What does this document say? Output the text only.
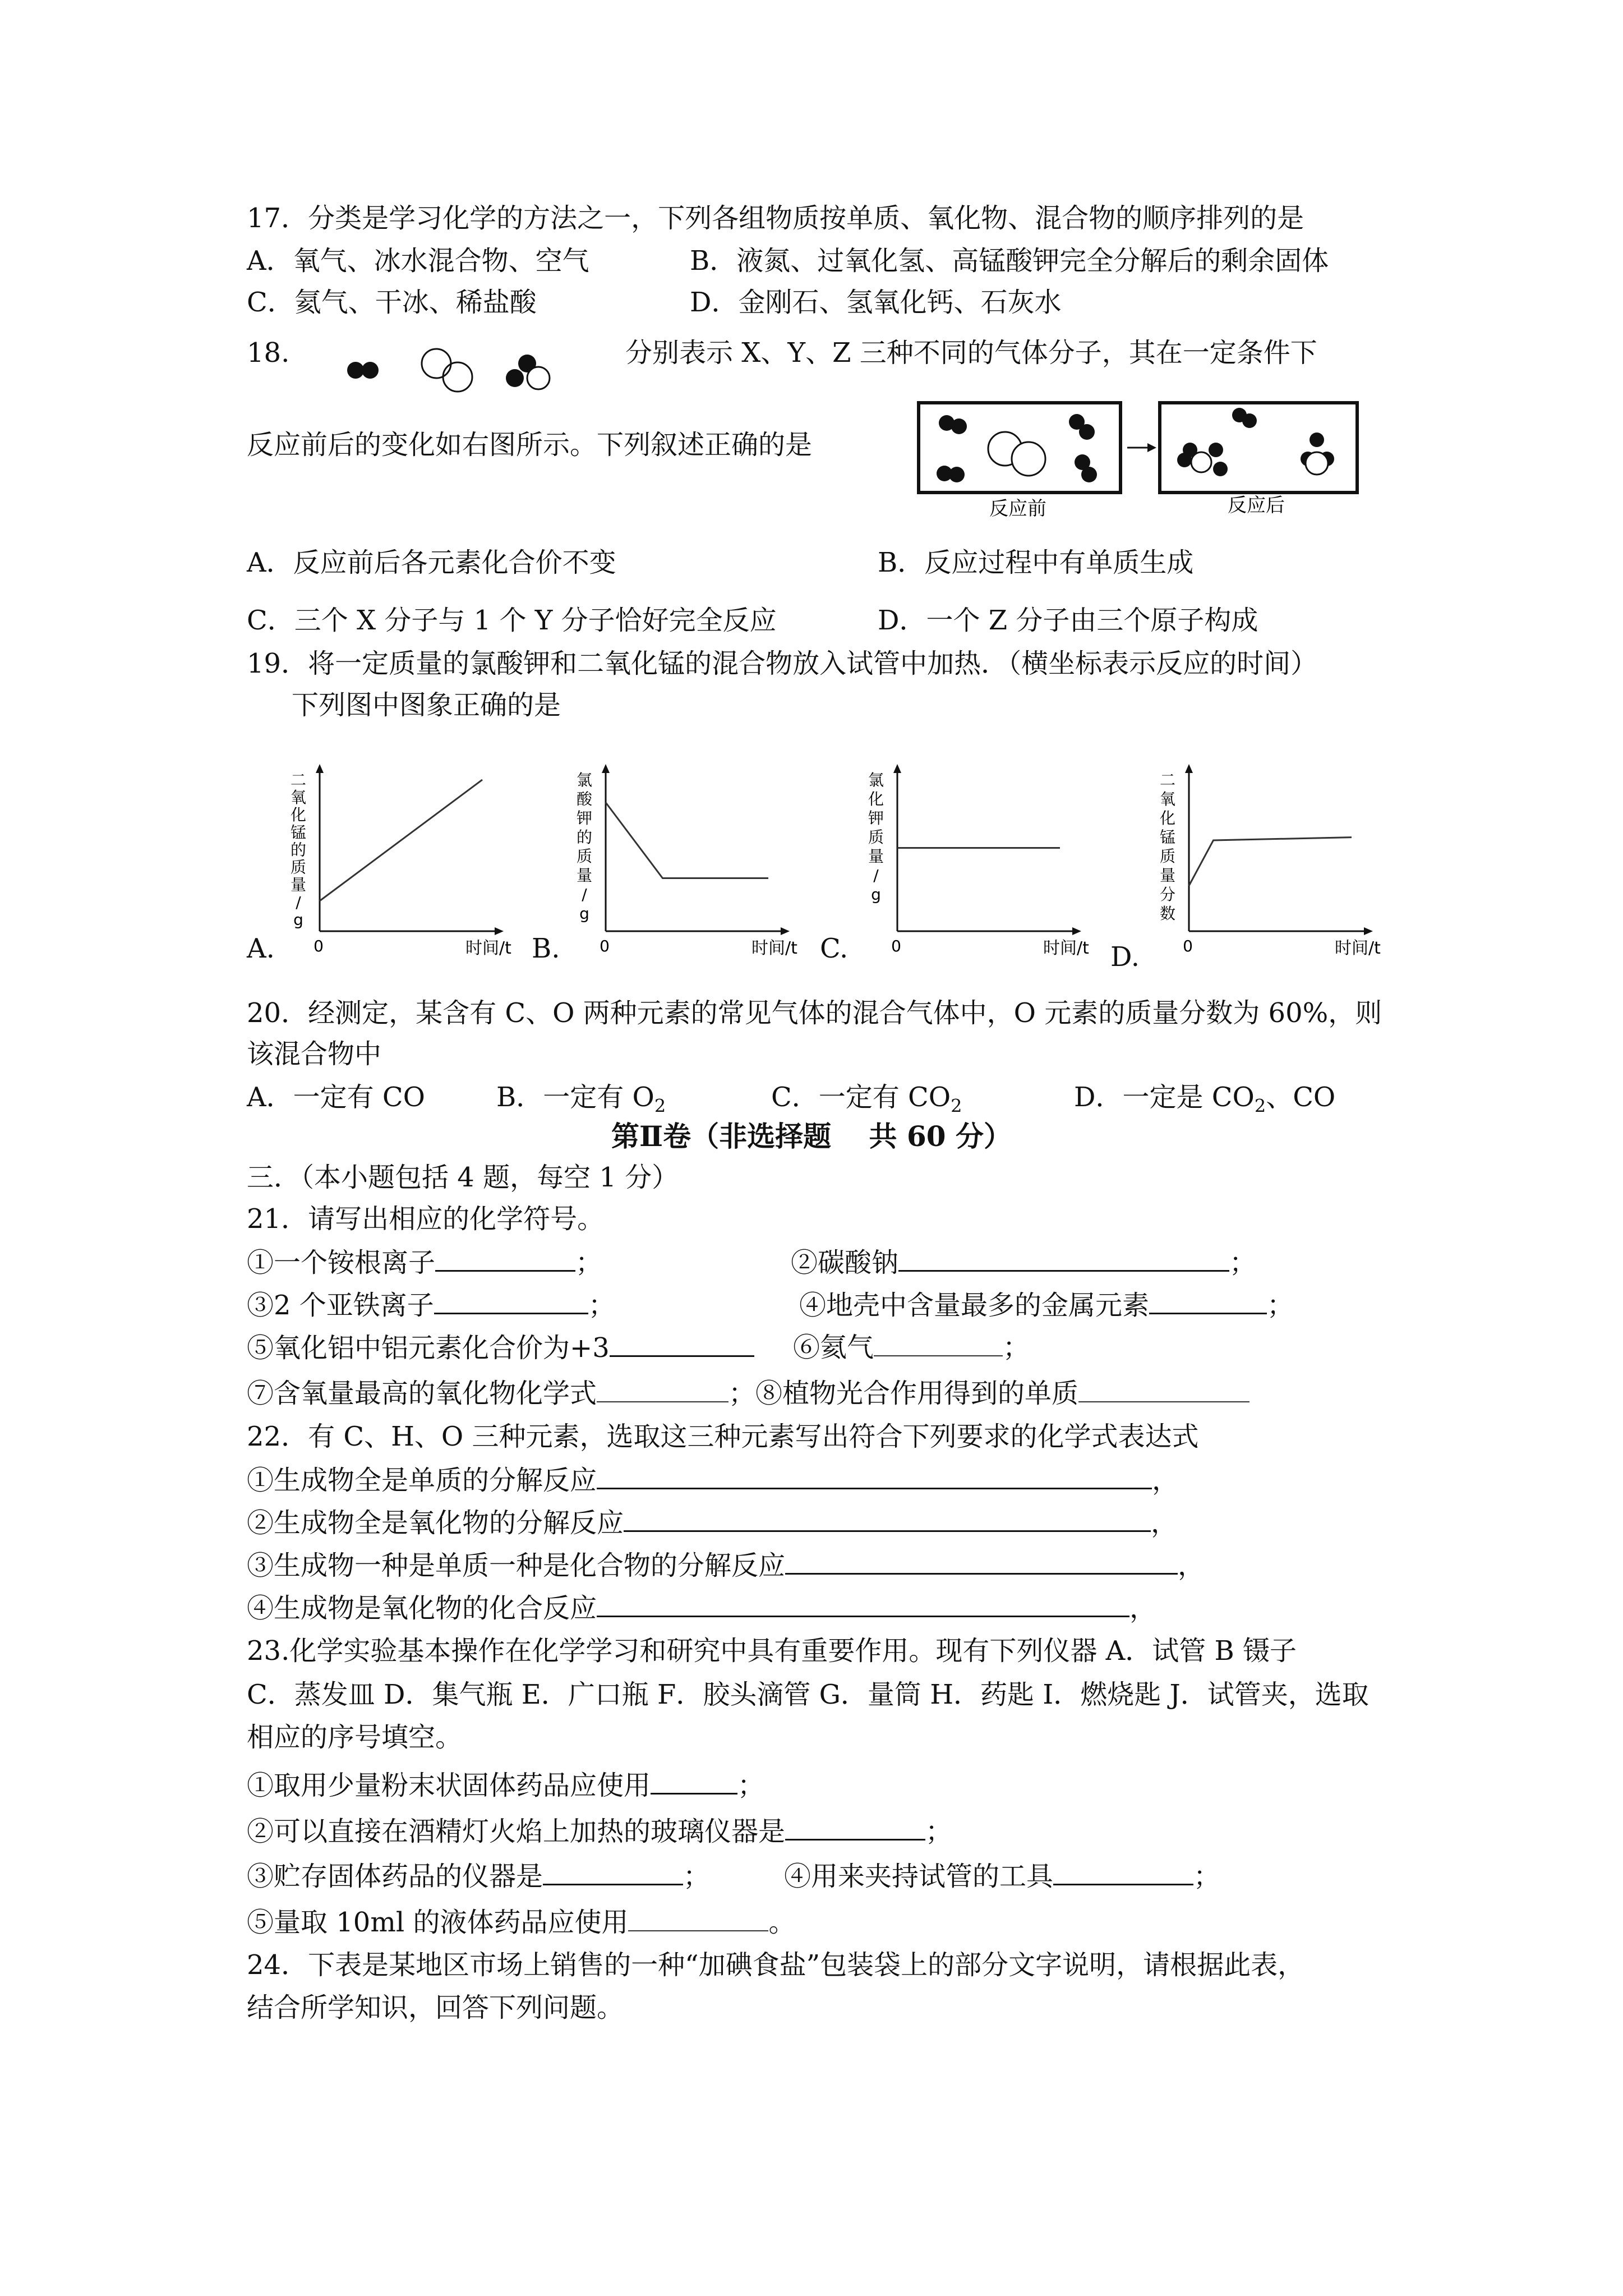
17．分类是学习化学的方法之一，下列各组物质按单质、氧化物、混合物的顺序排列的是
A．氧气、冰水混合物、空气	B．液氮、过氧化氢、高锰酸钾完全分解后的剩余固体
C．氦气、干冰、稀盐酸	D．金刚石、氢氧化钙、石灰水
18.	分别表示 X、Y、Z 三种不同的气体分子，其在一定条件下
反应前后的变化如右图所示。下列叙述正确的是
反应前	反应后
A．反应前后各元素化合价不变	B．反应过程中有单质生成
C．三个 X 分子与 1 个 Y 分子恰好完全反应	D．一个 Z 分子由三个原子构成
19．将一定质量的氯酸钾和二氧化锰的混合物放入试管中加热．（横坐标表示反应的时间）
下列图中图象正确的是
0	时间/t
二
氧
化
锰
的
质
量
/
g
0	时间/t
氯
酸
钾
的
质
量
/
g
0	时间/t
氯
化
钾
质
量
/
g
0	时间/t
二
氧
化
锰
质
量
分
数
A.	B.	C.	D.
20．经测定，某含有 C、O 两种元素的常见气体的混合气体中，O 元素的质量分数为 60%，则
该混合物中
A．一定有 CO	B．一定有 $O_2$	C．一定有 $CO_2$	D．一定是 $CO_2$、CO
第Ⅱ卷（非选择题　 共 60 分）
三．（本小题包括 4 题，每空 1 分）
21．请写出相应的化学符号。
①一个铵根离子	；	②碳酸钠	；
③2 个亚铁离子	；	④地壳中含量最多的金属元素	；
⑤氧化铝中铝元素化合价为+3	⑥氦气	；
⑦含氧量最高的氧化物化学式	；⑧植物光合作用得到的单质
22．有 C、H、O 三种元素，选取这三种元素写出符合下列要求的化学式表达式
①生成物全是单质的分解反应	，
②生成物全是氧化物的分解反应	，
③生成物一种是单质一种是化合物的分解反应	，
④生成物是氧化物的化合反应	，
23.化学实验基本操作在化学学习和研究中具有重要作用。现有下列仪器 A．试管 B 镊子
C．蒸发皿 D．集气瓶 E．广口瓶 F．胶头滴管 G．量筒 H．药匙 I．燃烧匙 J．试管夹，选取
相应的序号填空。
①取用少量粉末状固体药品应使用	；
②可以直接在酒精灯火焰上加热的玻璃仪器是	；
③贮存固体药品的仪器是	；	④用来夹持试管的工具	；
⑤量取 10ml 的液体药品应使用	。
24．下表是某地区市场上销售的一种“加碘食盐”包装袋上的部分文字说明，请根据此表，
结合所学知识，回答下列问题。
